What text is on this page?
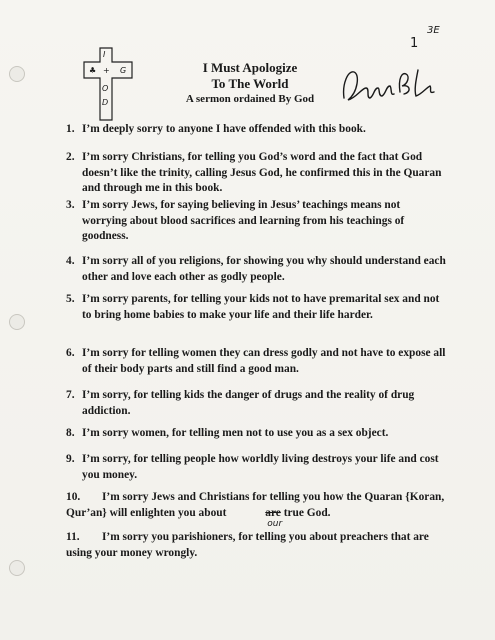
1
3E
I
♣ + G
O
D
I Must Apologize
To The World
A sermon ordained By God
1. I’m deeply sorry to anyone I have offended with this book.
2. I’m sorry Christians, for telling you God’s word and the fact that God doesn’t like the trinity, calling Jesus God, he confirmed this in the Quaran and through me in this book.
3. I’m sorry Jews, for saying believing in Jesus’ teachings means not worrying about blood sacrifices and learning from his teachings of goodness.
4. I’m sorry all of you religions, for showing you why should understand each other and love each other as godly people.
5. I’m sorry parents, for telling your kids not to have premarital sex and not to bring home babies to make your life and their life harder.
6. I’m sorry for telling women they can dress godly and not have to expose all of their body parts and still find a good man.
7. I’m sorry, for telling kids the danger of drugs and the reality of drug addiction.
8. I’m sorry women, for telling men not to use you as a sex object.
9. I’m sorry, for telling people how worldly living destroys your life and cost you money.
10.	I’m sorry Jews and Christians for telling you how the Quaran {Koran, Qur’an} will enlighten you about	are
our
true God.
11.	I’m sorry you parishioners, for telling you about preachers that are using your money wrongly.
